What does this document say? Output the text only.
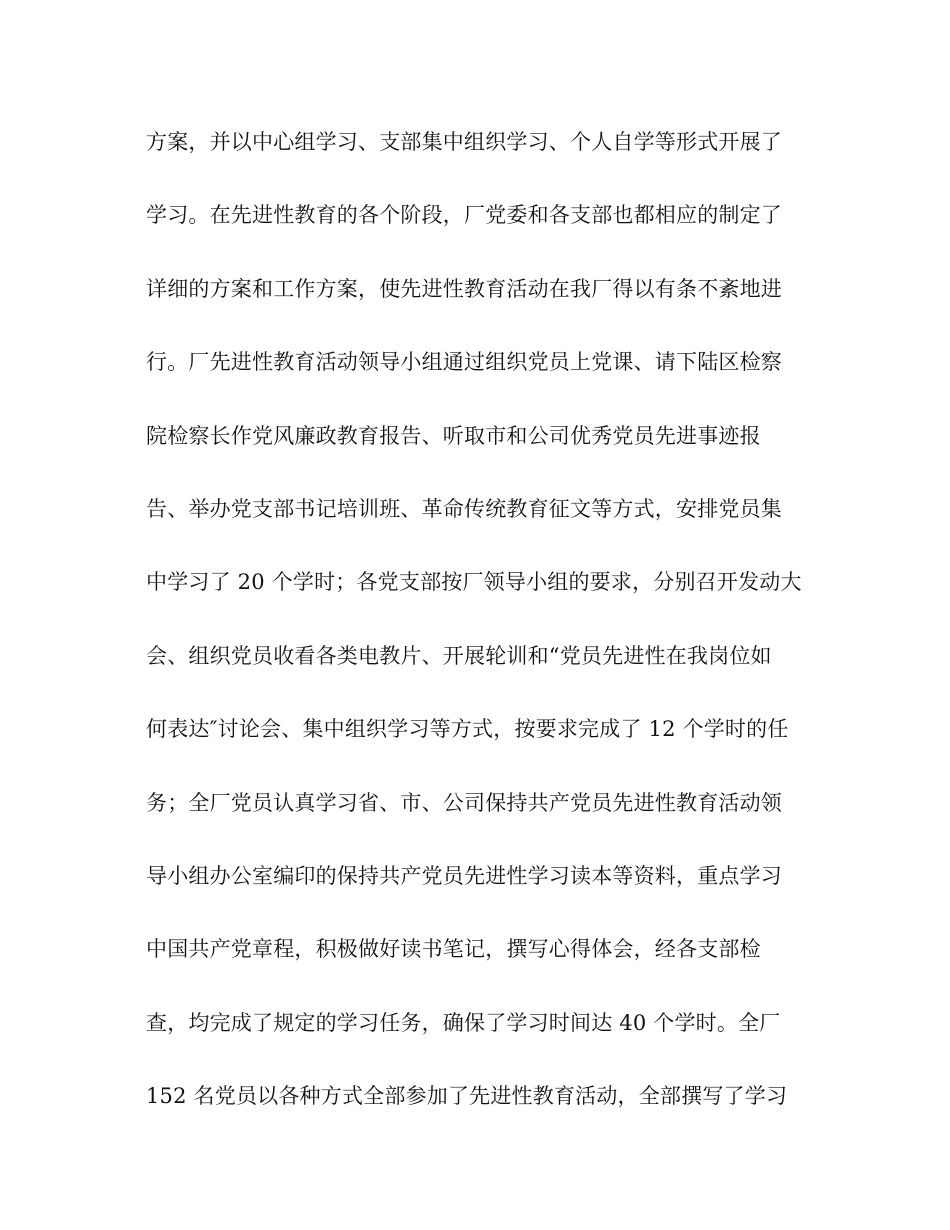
方案，并以中心组学习、支部集中组织学习、个人自学等形式开展了
学习。在先进性教育的各个阶段，厂党委和各支部也都相应的制定了
详细的方案和工作方案，使先进性教育活动在我厂得以有条不紊地进
行。厂先进性教育活动领导小组通过组织党员上党课、请下陆区检察
院检察长作党风廉政教育报告、听取市和公司优秀党员先进事迹报
告、举办党支部书记培训班、革命传统教育征文等方式，安排党员集
中学习了 20 个学时；各党支部按厂领导小组的要求，分别召开发动大
会、组织党员收看各类电教片、开展轮训和“党员先进性在我岗位如
何表达″讨论会、集中组织学习等方式，按要求完成了 12 个学时的任
务；全厂党员认真学习省、市、公司保持共产党员先进性教育活动领
导小组办公室编印的保持共产党员先进性学习读本等资料，重点学习
中国共产党章程，积极做好读书笔记，撰写心得体会，经各支部检
查，均完成了规定的学习任务，确保了学习时间达 40 个学时。全厂
152 名党员以各种方式全部参加了先进性教育活动，全部撰写了学习
